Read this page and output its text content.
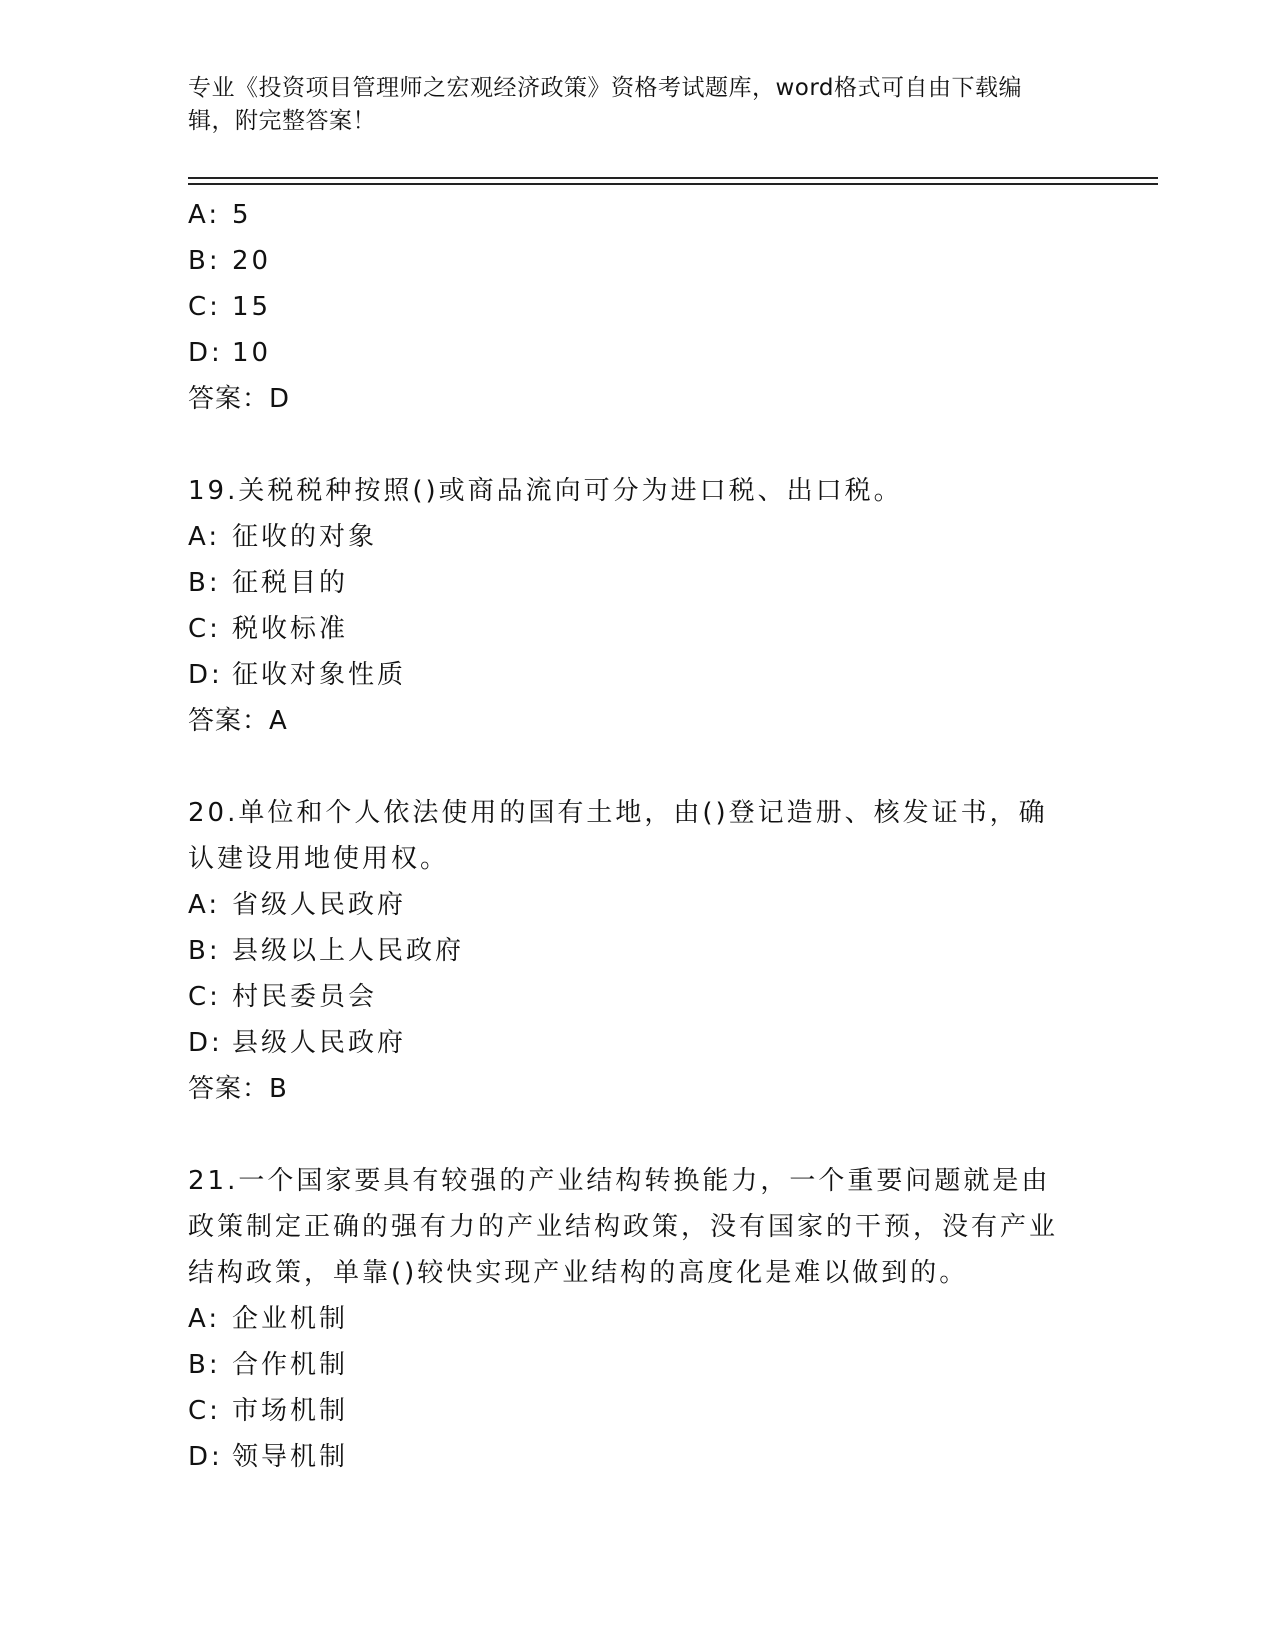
专业《投资项目管理师之宏观经济政策》资格考试题库，word格式可自由下载编辑，附完整答案！
A: 5
B: 20
C: 15
D: 10
答案：D
19.关税税种按照()或商品流向可分为进口税、出口税。
A: 征收的对象
B: 征税目的
C: 税收标准
D: 征收对象性质
答案：A
20.单位和个人依法使用的国有土地，由()登记造册、核发证书，确认建设用地使用权。
A: 省级人民政府
B: 县级以上人民政府
C: 村民委员会
D: 县级人民政府
答案：B
21.一个国家要具有较强的产业结构转换能力，一个重要问题就是由政策制定正确的强有力的产业结构政策，没有国家的干预，没有产业结构政策，单靠()较快实现产业结构的高度化是难以做到的。
A: 企业机制
B: 合作机制
C: 市场机制
D: 领导机制
